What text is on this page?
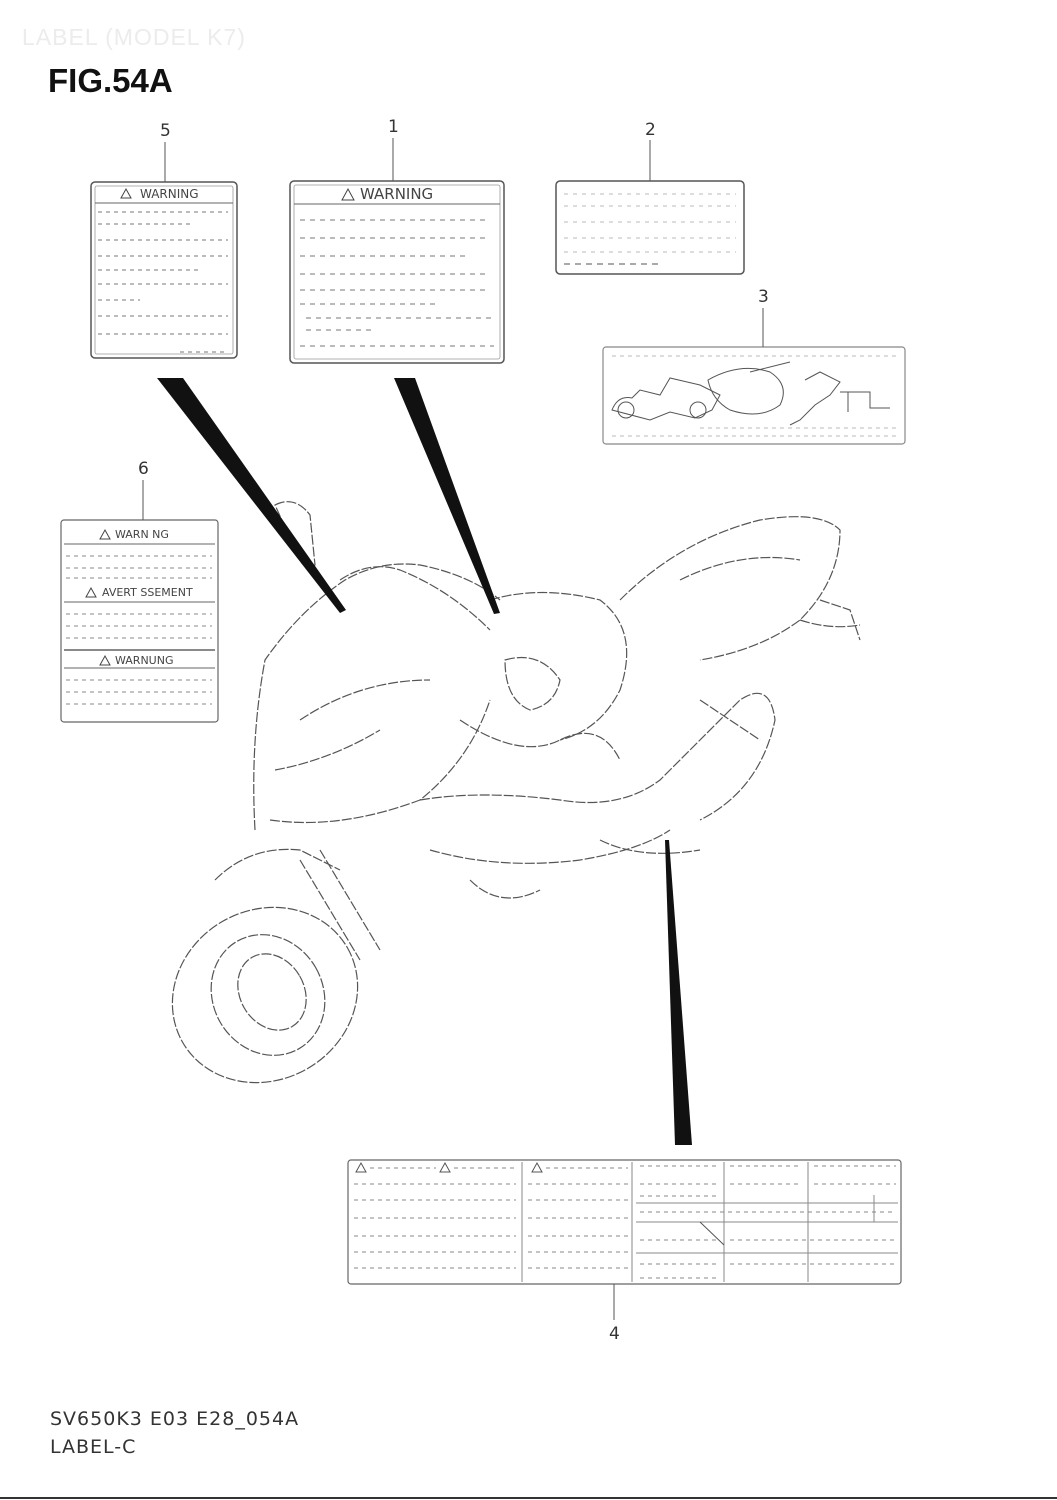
LABEL (MODEL K7)
FIG.54A
WARNING	WARNING
WARN NG
AVERT SSEMENT
WARNUNG
5	1	2
3
6
4
SV650K3 E03 E28_054A
LABEL-C
